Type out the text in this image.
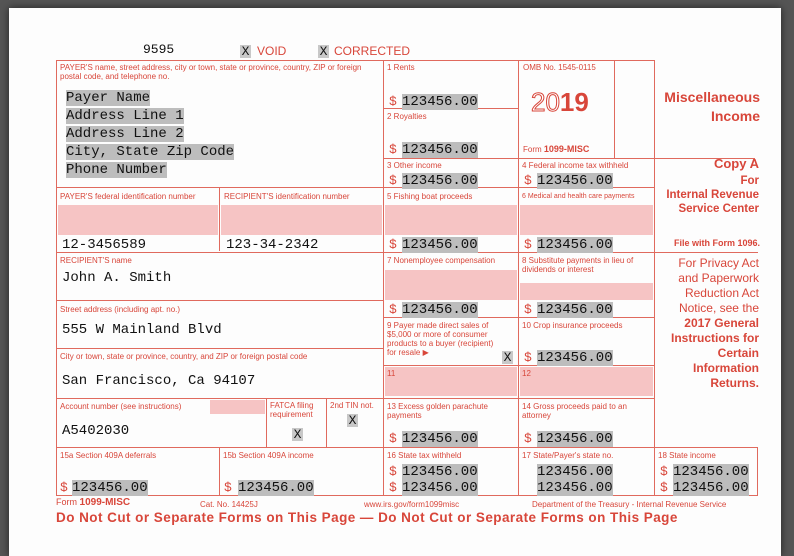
9595	X VOID	X CORRECTED
PAYER'S name, street address, city or town, state or province, country, ZIP or foreign postal code, and telephone no.
Payer Name
Address Line 1
Address Line 2
City, State Zip Code
Phone Number
PAYER'S federal identification number
12-3456589
RECIPIENT'S identification number
123-34-2342
RECIPIENT'S name
John A. Smith
Street address (including apt. no.)
555 W Mainland Blvd
City or town, state or province, country, and ZIP or foreign postal code
San Francisco, Ca 94107
Account number (see instructions)
A5402030
FATCA filing requirement
X
2nd TIN not.
X
1 Rents
$ 123456.00
2 Royalties
$ 123456.00
OMB No. 1545-0115
2019
Form 1099-MISC
Miscellaneous
Income
Copy A
For
Internal Revenue
Service Center
File with Form 1096.
For Privacy Act
and Paperwork
Reduction Act
Notice, see the
2017 General
Instructions for
Certain
Information
Returns.
3 Other income
$ 123456.00
4 Federal income tax withheld
$ 123456.00
5 Fishing boat proceeds
$ 123456.00
6 Medical and health care payments
$ 123456.00
7 Nonemployee compensation
$ 123456.00
8 Substitute payments in lieu of dividends or interest
$ 123456.00
9 Payer made direct sales of $5,000 or more of consumer products to a buyer (recipient) for resale ▶	X
10 Crop insurance proceeds
$ 123456.00
11	12
13 Excess golden parachute payments
$ 123456.00
14 Gross proceeds paid to an attorney
$ 123456.00
15a Section 409A deferrals
$ 123456.00
15b Section 409A income
$ 123456.00
16 State tax withheld
$ 123456.00
$ 123456.00
17 State/Payer's state no.
123456.00
123456.00
18 State income
$ 123456.00
$ 123456.00
Form 1099-MISC	Cat. No. 14425J	www.irs.gov/form1099misc	Department of the Treasury - Internal Revenue Service
Do Not Cut or Separate Forms on This Page — Do Not Cut or Separate Forms on This Page
